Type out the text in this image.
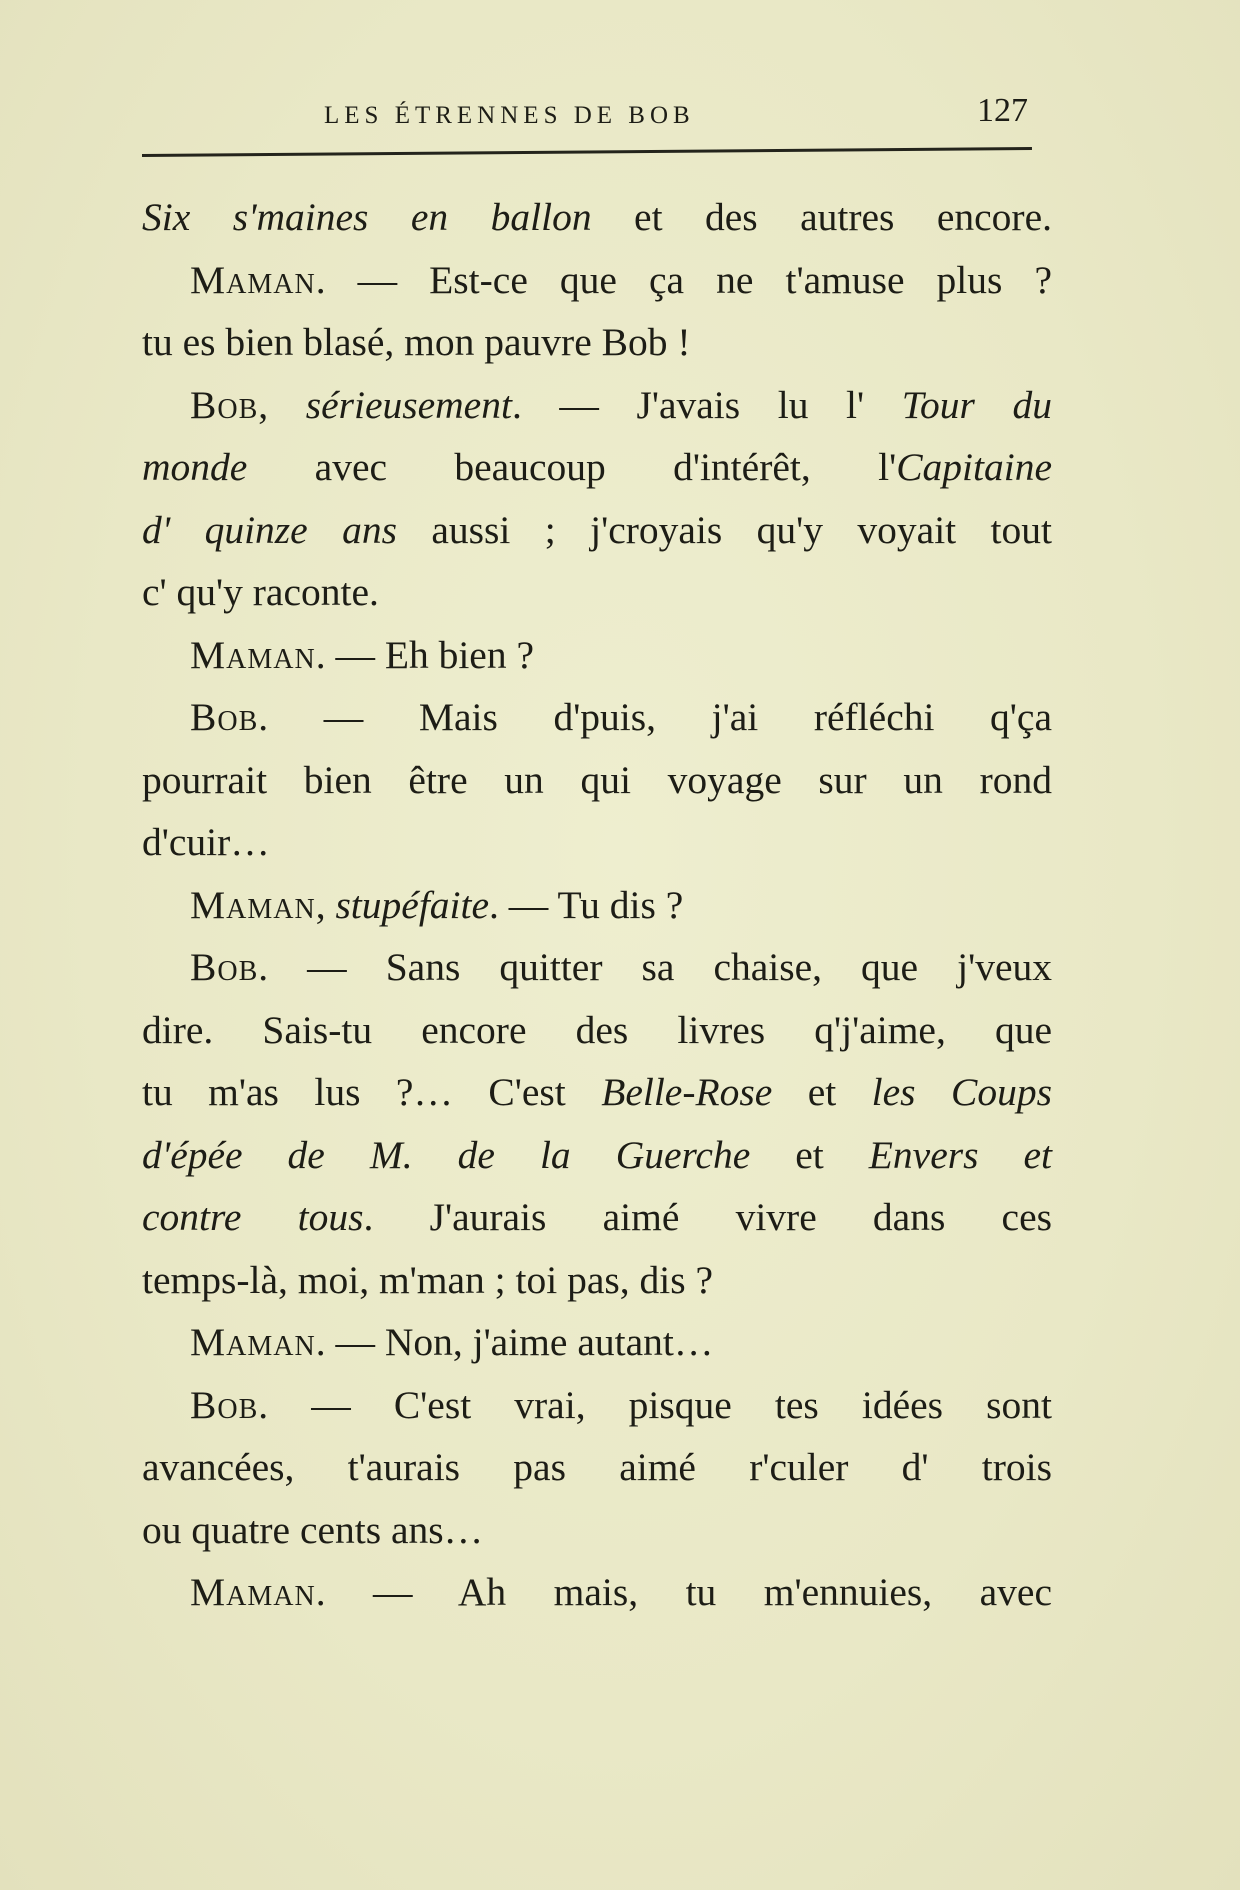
LES ÉTRENNES DE BOB	127
Six s'maines en ballon et des autres encore.
Maman. — Est-ce que ça ne t'amuse plus ?
tu es bien blasé, mon pauvre Bob !
Bob, sérieusement. — J'avais lu l' Tour du
monde avec beaucoup d'intérêt, l'Capitaine
d' quinze ans aussi ; j'croyais qu'y voyait tout
c' qu'y raconte.
Maman. — Eh bien ?
Bob. — Mais d'puis, j'ai réfléchi q'ça
pourrait bien être un qui voyage sur un rond
d'cuir…
Maman, stupéfaite. — Tu dis ?
Bob. — Sans quitter sa chaise, que j'veux
dire. Sais-tu encore des livres q'j'aime, que
tu m'as lus ?… C'est Belle-Rose et les Coups
d'épée de M. de la Guerche et Envers et
contre tous. J'aurais aimé vivre dans ces
temps-là, moi, m'man ; toi pas, dis ?
Maman. — Non, j'aime autant…
Bob. — C'est vrai, pisque tes idées sont
avancées, t'aurais pas aimé r'culer d' trois
ou quatre cents ans…
Maman. — Ah mais, tu m'ennuies, avec
